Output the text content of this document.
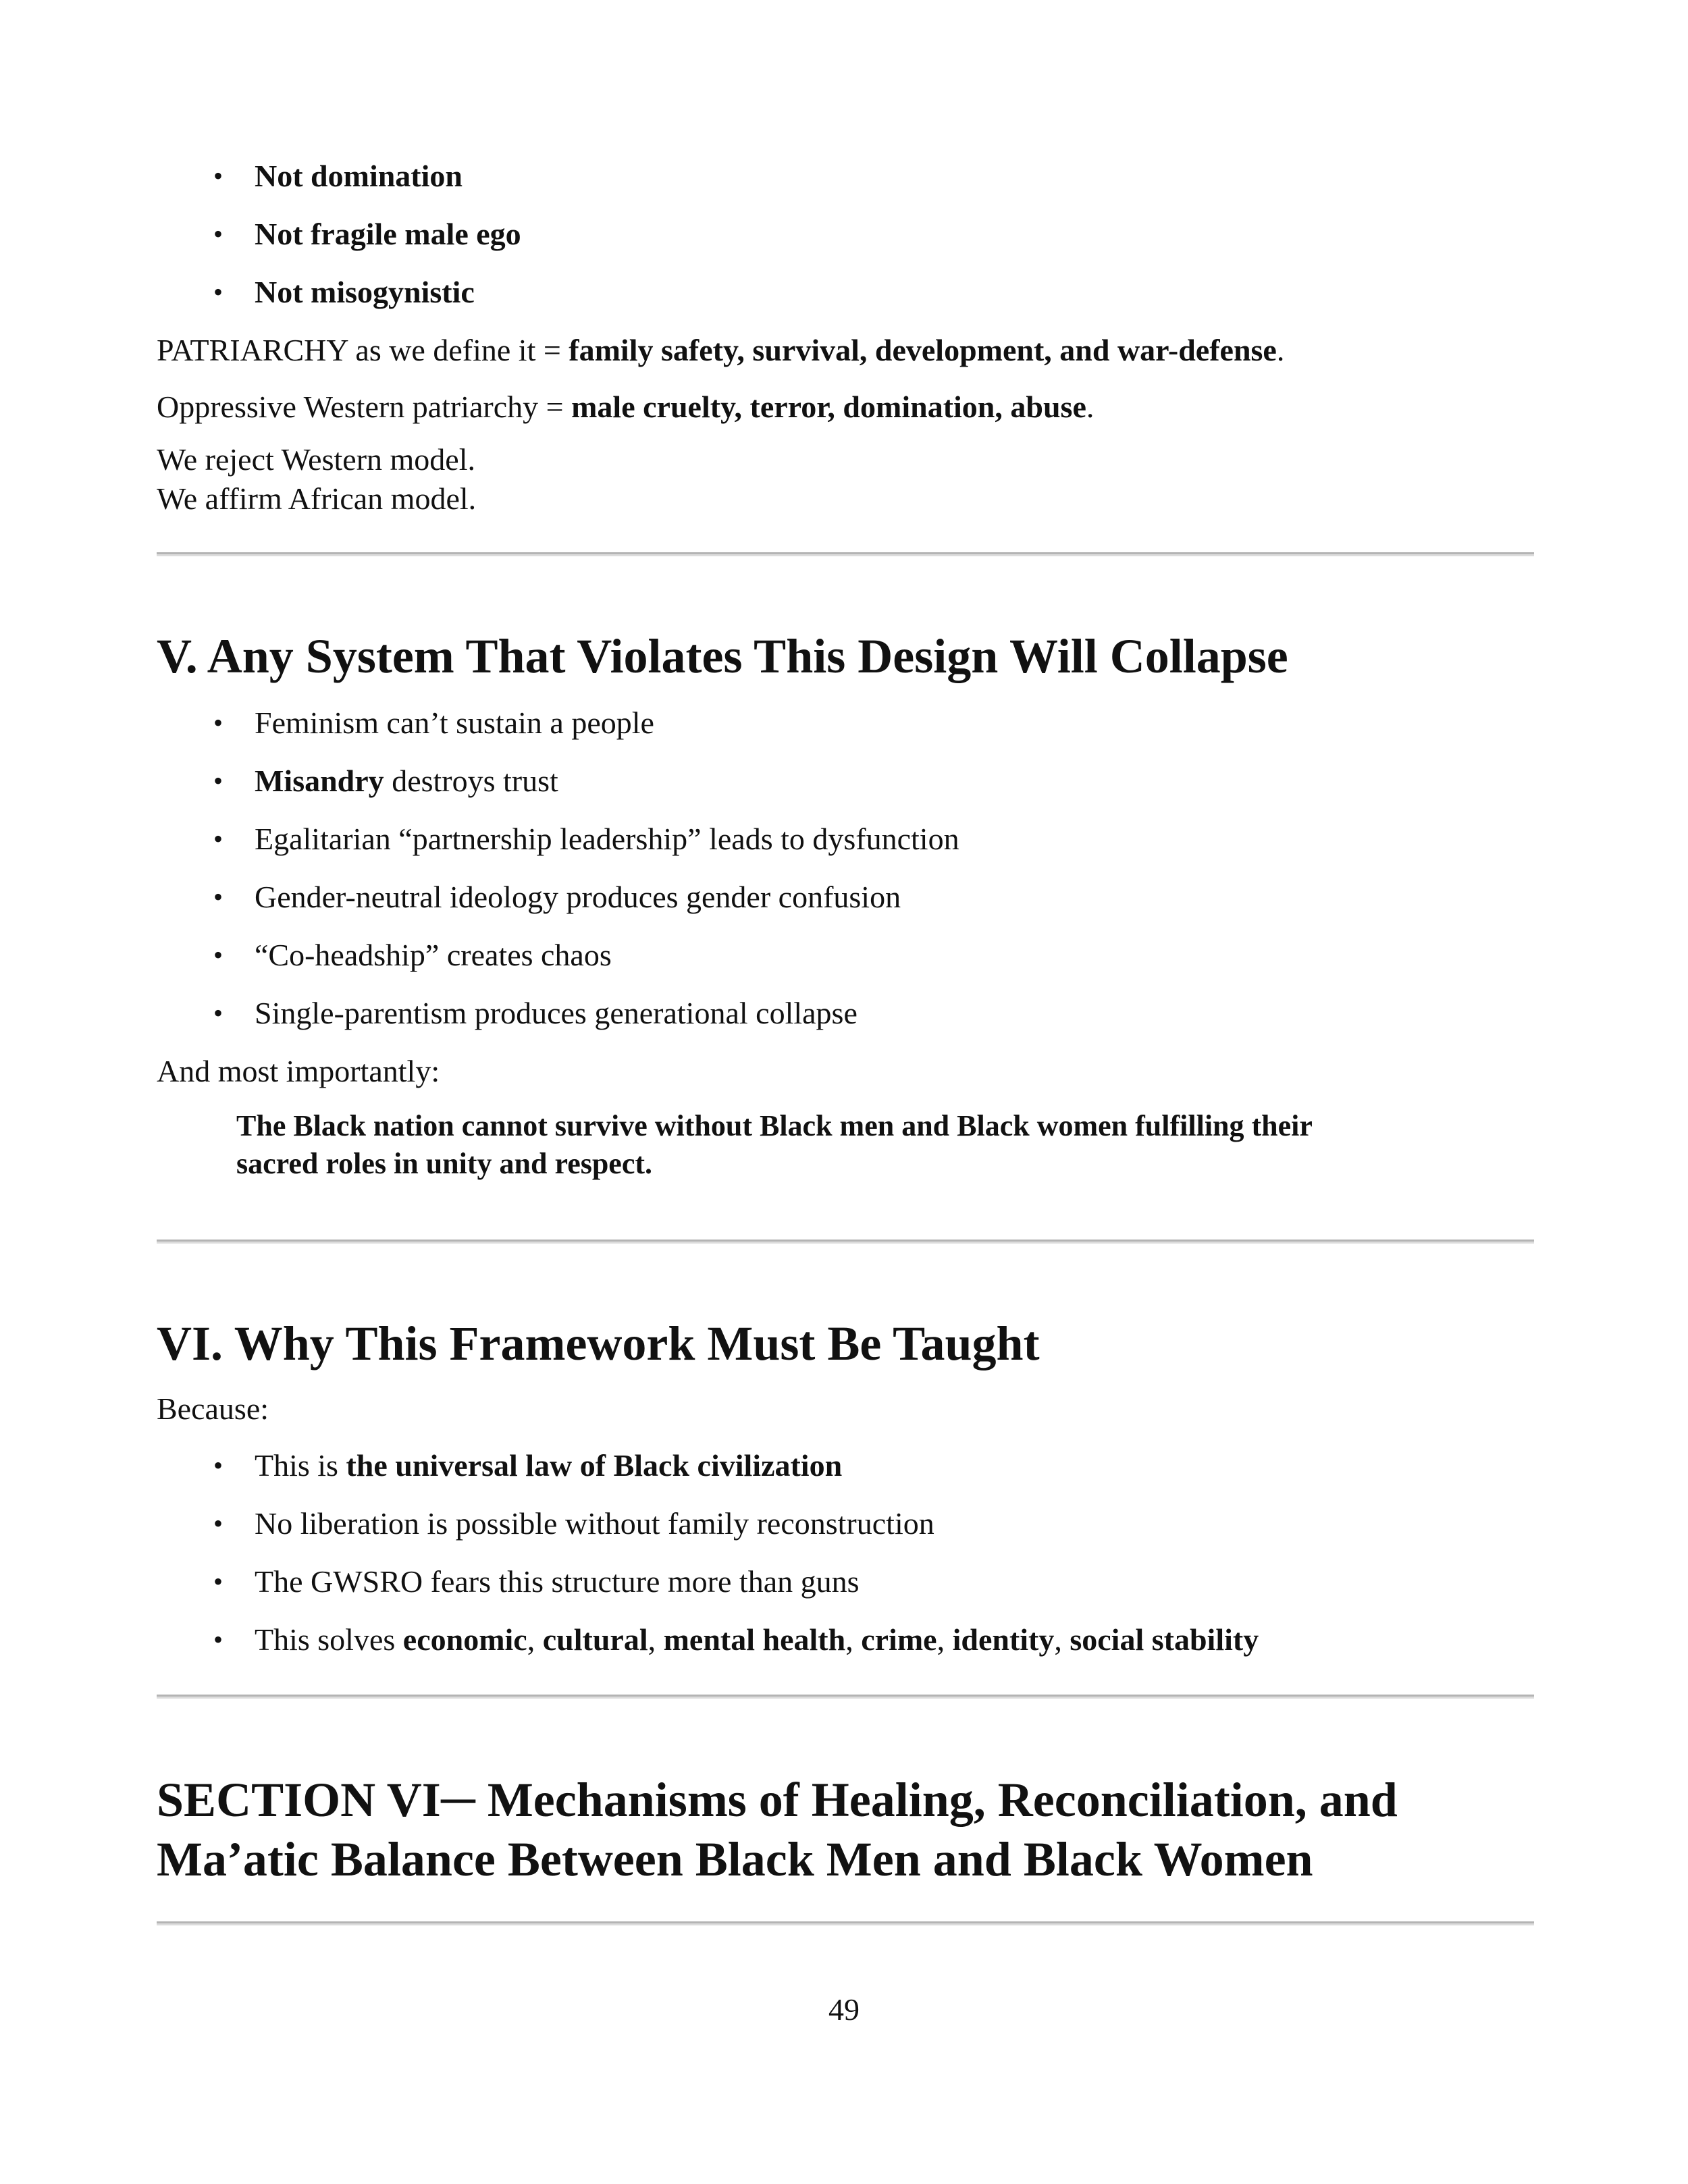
• Not domination
• Not fragile male ego
• Not misogynistic

PATRIARCHY as we define it = family safety, survival, development, and war-defense.

Oppressive Western patriarchy = male cruelty, terror, domination, abuse.

We reject Western model.

We affirm African model.

V. Any System That Violates This Design Will Collapse
• Feminism can’t sustain a people
• Misandry destroys trust
• Egalitarian “partnership leadership” leads to dysfunction
• Gender-neutral ideology produces gender confusion
• “Co-headship” creates chaos
• Single-parentism produces generational collapse

And most importantly:

The Black nation cannot survive without Black men and Black women fulfilling their

sacred roles in unity and respect.

VI. Why This Framework Must Be Taught

Because:

• This is the universal law of Black civilization
• No liberation is possible without family reconstruction
• The GWSRO fears this structure more than guns
• This solves economic, cultural, mental health, crime, identity, social stability
SECTION VI─ Mechanisms of Healing, Reconciliation, and
Ma’atic Balance Between Black Men and Black Women
49
